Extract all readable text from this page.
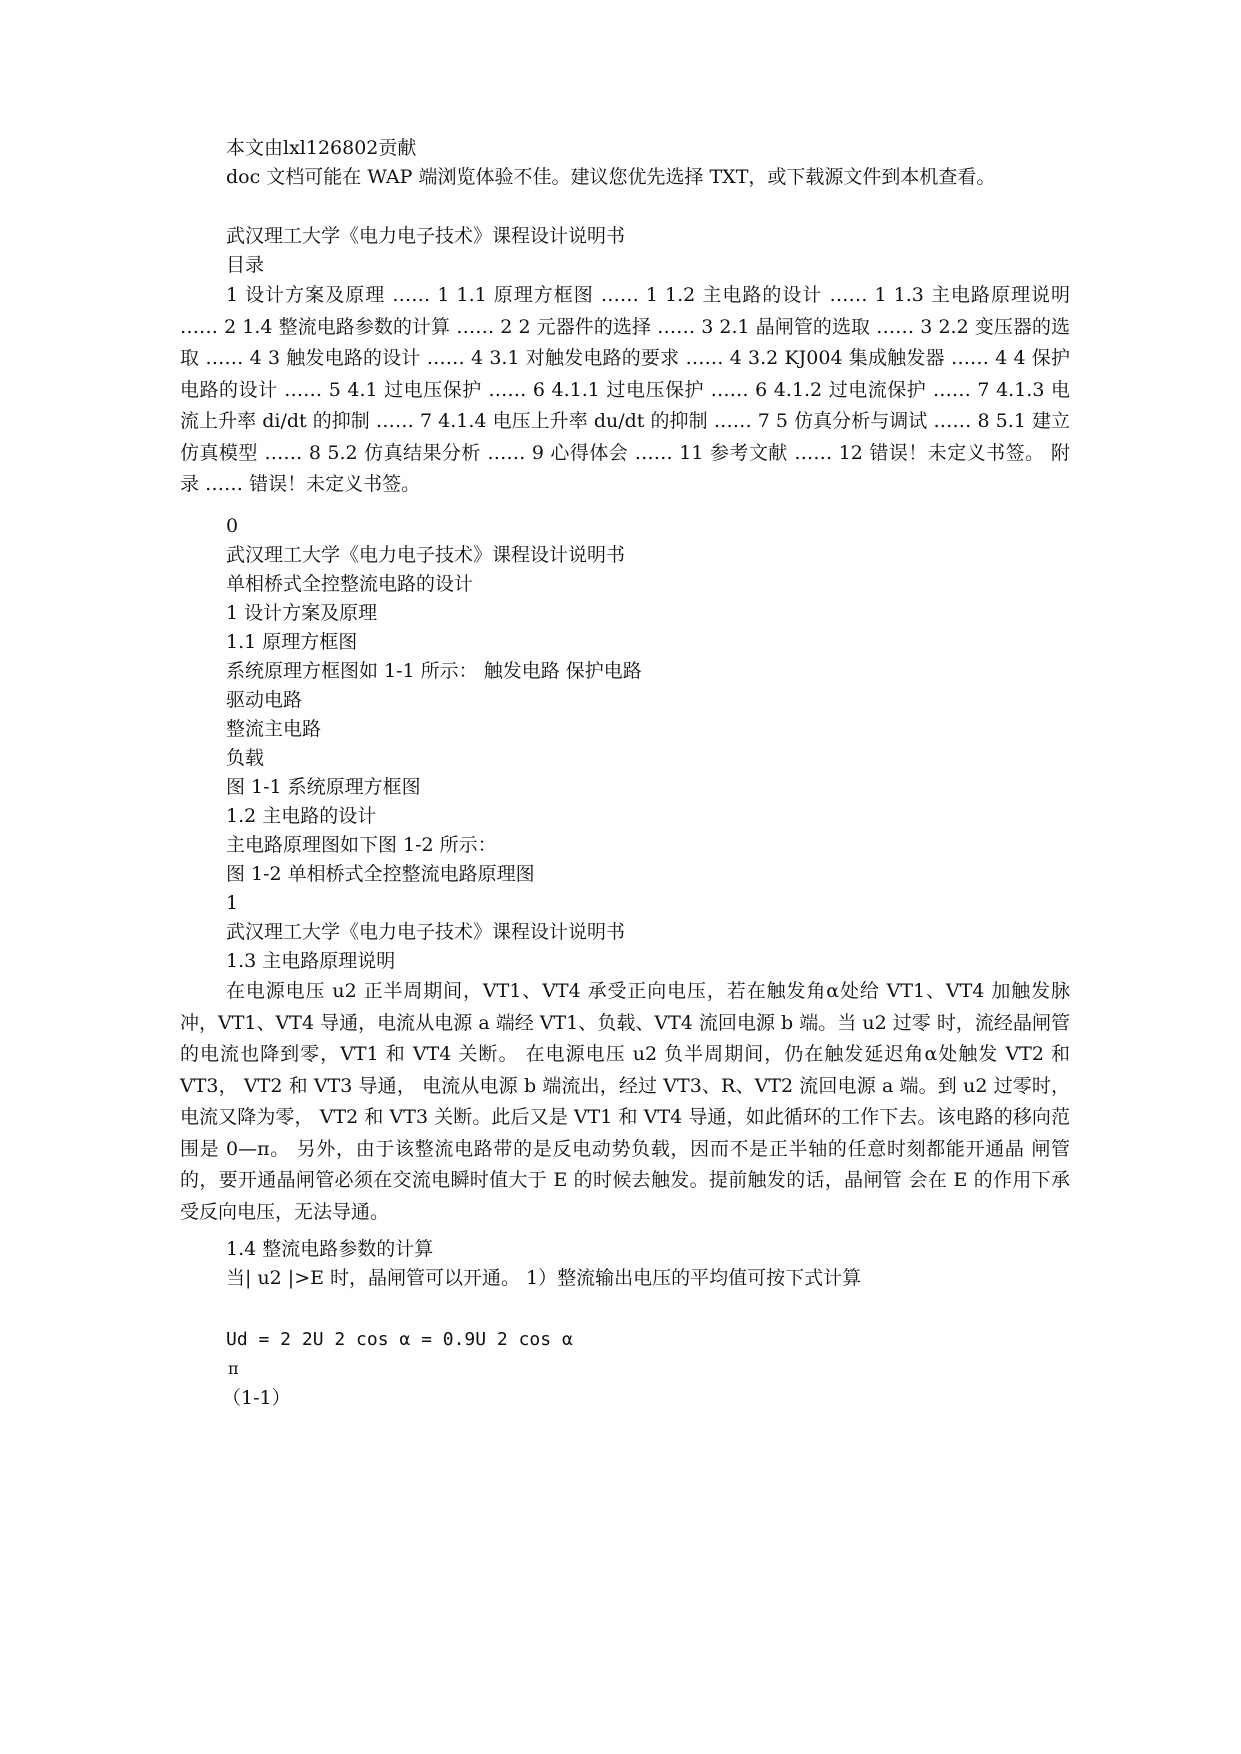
本文由lxl126802贡献
doc 文档可能在 WAP 端浏览体验不佳。建议您优先选择 TXT，或下载源文件到本机查看。
武汉理工大学《电力电子技术》课程设计说明书
目录
1 设计方案及原理 …… 1 1.1 原理方框图 …… 1 1.2 主电路的设计 …… 1 1.3 主电路原理说明 …… 2 1.4 整流电路参数的计算 …… 2 2 元器件的选择 …… 3 2.1 晶闸管的选取 …… 3 2.2 变压器的选取 …… 4 3 触发电路的设计 …… 4 3.1 对触发电路的要求 …… 4 3.2 KJ004 集成触发器 …… 4 4 保护电路的设计 …… 5 4.1 过电压保护 …… 6 4.1.1 过电压保护 …… 6 4.1.2 过电流保护 …… 7 4.1.3 电流上升率 di/dt 的抑制 …… 7 4.1.4 电压上升率 du/dt 的抑制 …… 7 5 仿真分析与调试 …… 8 5.1 建立仿真模型 …… 8 5.2 仿真结果分析 …… 9 心得体会 …… 11 参考文献 …… 12 错误！未定义书签。 附录 …… 错误！未定义书签。
0
武汉理工大学《电力电子技术》课程设计说明书
单相桥式全控整流电路的设计
1 设计方案及原理
1.1 原理方框图
系统原理方框图如 1-1 所示： 触发电路 保护电路
驱动电路
整流主电路
负载
图 1-1 系统原理方框图
1.2 主电路的设计
主电路原理图如下图 1-2 所示：
图 1-2 单相桥式全控整流电路原理图
1
武汉理工大学《电力电子技术》课程设计说明书
1.3 主电路原理说明
在电源电压 u2 正半周期间，VT1、VT4 承受正向电压，若在触发角α处给 VT1、VT4 加触发脉冲，VT1、VT4 导通，电流从电源 a 端经 VT1、负载、VT4 流回电源 b 端。当 u2 过零 时，流经晶闸管的电流也降到零，VT1 和 VT4 关断。 在电源电压 u2 负半周期间，仍在触发延迟角α处触发 VT2 和 VT3， VT2 和 VT3 导通， 电流从电源 b 端流出，经过 VT3、R、VT2 流回电源 a 端。到 u2 过零时，电流又降为零， VT2 和 VT3 关断。此后又是 VT1 和 VT4 导通，如此循环的工作下去。该电路的移向范围是 0—π。 另外，由于该整流电路带的是反电动势负载，因而不是正半轴的任意时刻都能开通晶 闸管的，要开通晶闸管必须在交流电瞬时值大于 E 的时候去触发。提前触发的话，晶闸管 会在 E 的作用下承受反向电压，无法导通。
1.4 整流电路参数的计算
当| u2 |>E 时，晶闸管可以开通。 1）整流输出电压的平均值可按下式计算
Ud = 2 2U 2 cos α = 0.9U 2 cos α
π
（1-1）
